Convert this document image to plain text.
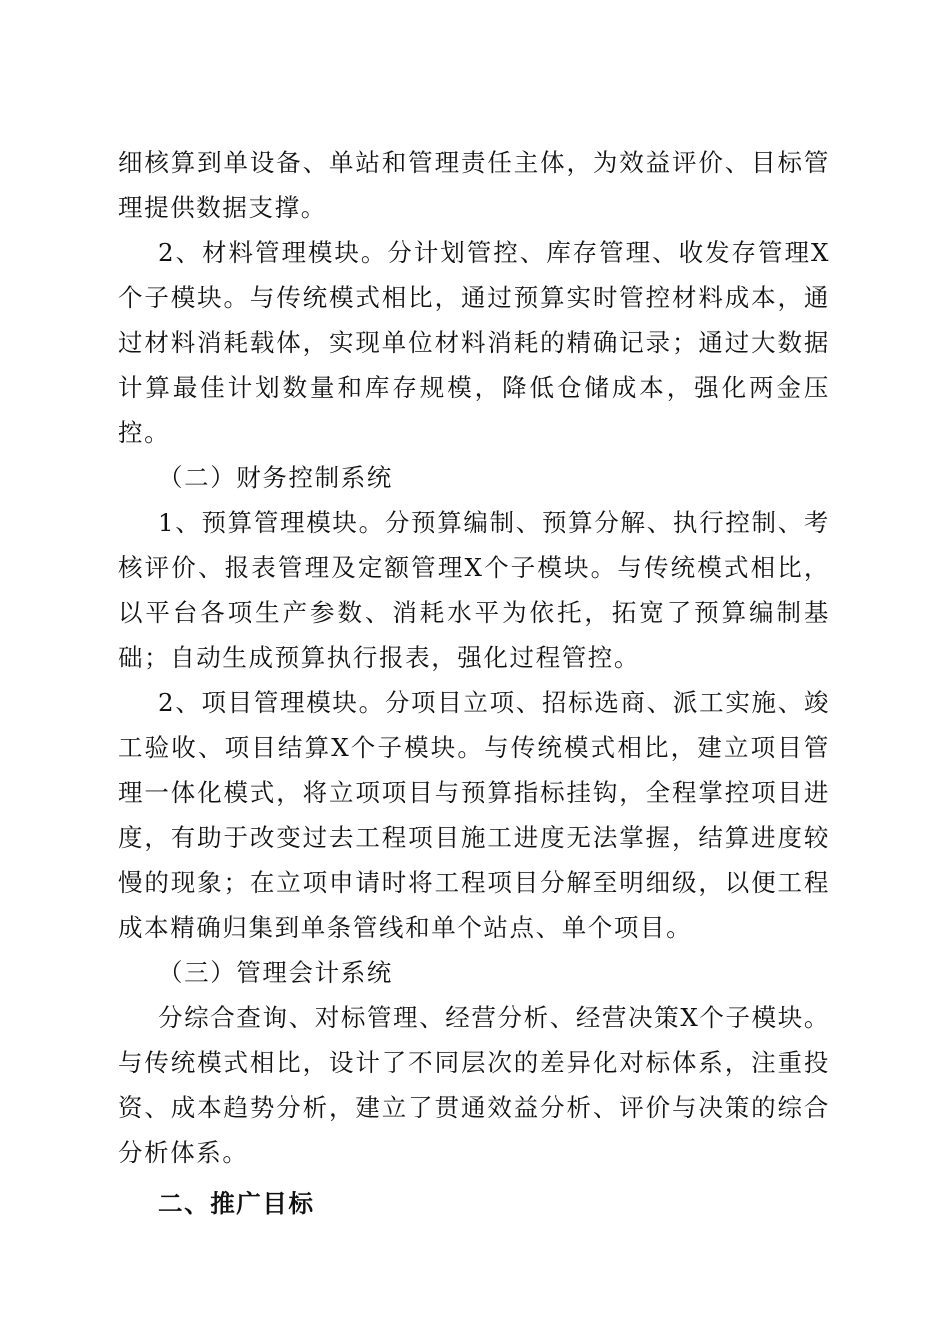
细核算到单设备、单站和管理责任主体，为效益评价、目标管理提供数据支撑。

2、材料管理模块。分计划管控、库存管理、收发存管理X个子模块。与传统模式相比，通过预算实时管控材料成本，通过材料消耗载体，实现单位材料消耗的精确记录；通过大数据计算最佳计划数量和库存规模，降低仓储成本，强化两金压控。

（二）财务控制系统

1、预算管理模块。分预算编制、预算分解、执行控制、考核评价、报表管理及定额管理X个子模块。与传统模式相比，以平台各项生产参数、消耗水平为依托，拓宽了预算编制基础；自动生成预算执行报表，强化过程管控。

2、项目管理模块。分项目立项、招标选商、派工实施、竣工验收、项目结算X个子模块。与传统模式相比，建立项目管理一体化模式，将立项项目与预算指标挂钩，全程掌控项目进度，有助于改变过去工程项目施工进度无法掌握，结算进度较慢的现象；在立项申请时将工程项目分解至明细级，以便工程成本精确归集到单条管线和单个站点、单个项目。

（三）管理会计系统

分综合查询、对标管理、经营分析、经营决策X个子模块。与传统模式相比，设计了不同层次的差异化对标体系，注重投资、成本趋势分析，建立了贯通效益分析、评价与决策的综合分析体系。

二、推广目标
